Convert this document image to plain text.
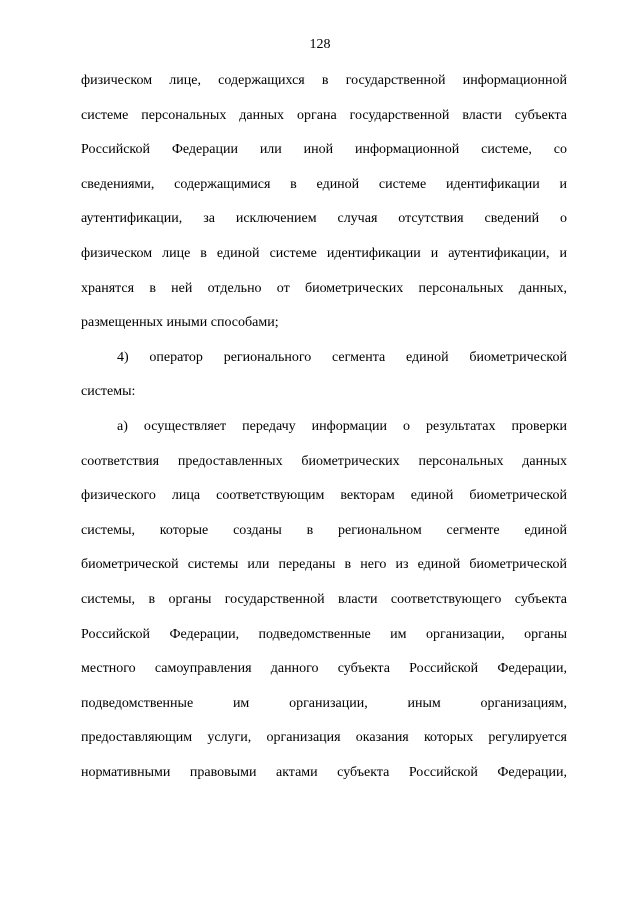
128
физическом лице, содержащихся в государственной информационной
системе персональных данных органа государственной власти субъекта
Российской Федерации или иной информационной системе, со
сведениями, содержащимися в единой системе идентификации и
аутентификации, за исключением случая отсутствия сведений о
физическом лице в единой системе идентификации и аутентификации, и
хранятся в ней отдельно от биометрических персональных данных,
размещенных иными способами;
4) оператор регионального сегмента единой биометрической
системы:
а) осуществляет передачу информации о результатах проверки
соответствия предоставленных биометрических персональных данных
физического лица соответствующим векторам единой биометрической
системы, которые созданы в региональном сегменте единой
биометрической системы или переданы в него из единой биометрической
системы, в органы государственной власти соответствующего субъекта
Российской Федерации, подведомственные им организации, органы
местного самоуправления данного субъекта Российской Федерации,
подведомственные им организации, иным организациям,
предоставляющим услуги, организация оказания которых регулируется
нормативными правовыми актами субъекта Российской Федерации,
